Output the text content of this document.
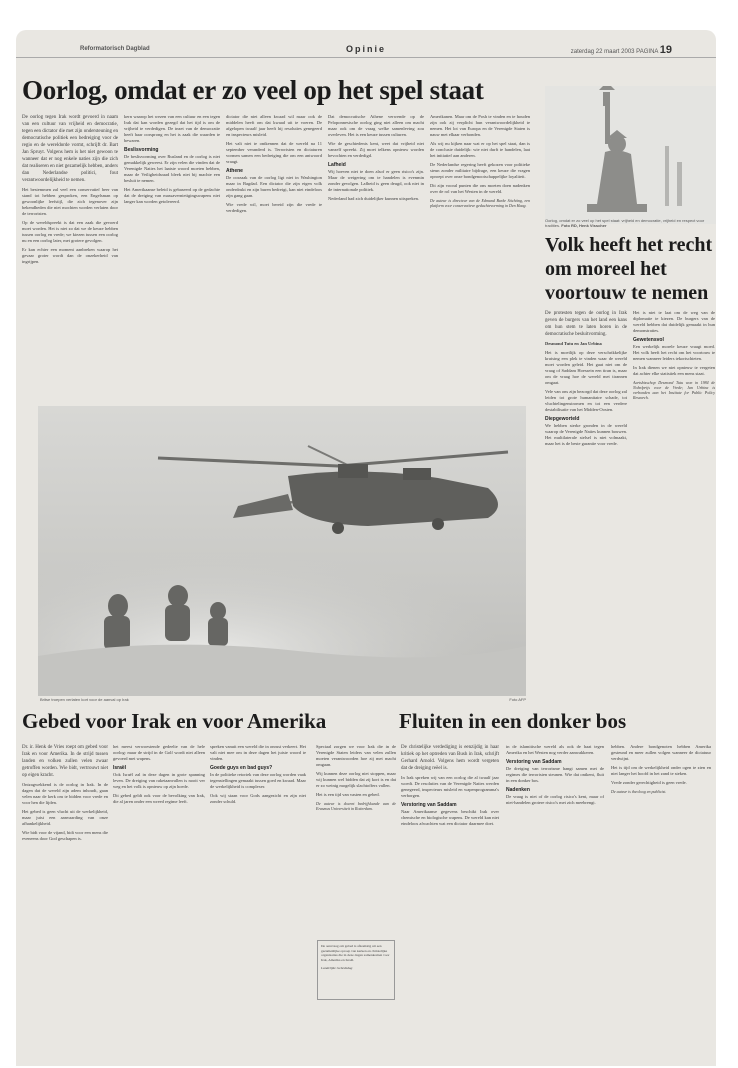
Reformatorisch Dagblad	Opinie	zaterdag 22 maart 2003 PAGINA 19
Oorlog, omdat er zo veel op het spel staat

De oorlog tegen Irak wordt gevoerd in naam van een cultuur van vrijheid en democratie, tegen een dictator die met zijn ondersteuning en democratische politiek een bedreiging voor de regio en de wereldorde vormt, schrijft dr. Bart Jan Spruyt. Volgens hem is het niet gewoon te wanneer dat er nog enkele naties zijn die zich dat realiseren en niet gezamelijk hebben, anders dan Nederlandse politici, fout verantwoordelijkheid te nemen.

Het bestemmen zal veel een conservatief heer van stand tot hebben gesproken, een Engelsman op gewoonlijke leefstijl, die zich tegenover zijn bekendheden die niet mochten worden verlaten door de terroristen.

Op de wereldspreekt is dat een zaak die gevoerd moet worden. Het is niet zo dat we de keuze hebben tussen oorlog en vrede; we kiezen tussen een oorlog nu en een oorlog later, met grotere gevolgen.

Er kan echter een moment aanbreken waarop het gevaar groter wordt dan de onzekerheid van ingrijpen.

kern waarop het wezen van een cultuur en een tegen Irak dat kan worden gezegd dat het tijd is om de vrijheid te verdedigen. De inzet van de democratie heeft haar oorsprong en het is zaak die waarden te bewaren.

Beslisvorming

De beslisvorming over Rusland en de oorlog is niet gemakkelijk geweest. Er zijn velen die vinden dat de Verenigde Naties het laatste woord moeten hebben, maar de Veiligheidsraad bleek niet bij machte een besluit te nemen.

Het Amerikaanse beleid is gebaseerd op de gedachte dat de dreiging van massavernietigingswapens niet langer kan worden getolereerd.

dictator die niet alleen kwaad wil maar ook de middelen heeft om dat kwaad uit te voeren. De afgelopen twaalf jaar heeft hij resoluties genegeerd en inspecteurs misleid.

Het valt niet te ontkennen dat de wereld na 11 september veranderd is. Terroristen en dictaturen vormen samen een bedreiging die om een antwoord vraagt.

Athene

De oorzaak van de oorlog ligt niet in Washington maar in Bagdad. Een dictator die zijn eigen volk onderdrukt en zijn buren bedreigt, kan niet eindeloos zijn gang gaan.

Wie vrede wil, moet bereid zijn die vrede te verdedigen.

Dat democratische Athene verwende op de Peloponnesische oorlog ging niet alleen om macht maar ook om de vraag welke samenleving zou overleven. Het is een keuze tussen culturen.

Wie de geschiedenis kent, weet dat vrijheid niet vanzelf spreekt. Zij moet telkens opnieuw worden bevochten en verdedigd.

Lafheid

Wij hoeven niet te doen alsof er geen risico's zijn. Maar de weigering om te handelen is evenmin zonder gevolgen. Lafheid is geen deugd, ook niet in de internationale politiek.

Nederland had zich duidelijker kunnen uitspreken.

Amerikanen. Maar om de Posh te vinden en te houden zijn ook zij verplicht hun verantwoordelijkheid te nemen. Het lot van Europa en de Verenigde Staten is nauw met elkaar verbonden.

Als wij nu kijken naar wat er op het spel staat, dan is de conclusie duidelijk: wie niet durft te handelen, laat het initiatief aan anderen.

De Nederlandse regering heeft gekozen voor politieke steun zonder militaire bijdrage, een keuze die vragen oproept over onze bondgenootschappelijke loyaliteit.

Dit zijn vooral punten die ons moeten doen nadenken over de rol van het Westen in de wereld.

De auteur is directeur van de Edmund Burke Stichting, een platform voor conservatieve gedachtevorming in Den Haag.

Britse troepen verlaten kort voor de aanval op Irak	Foto AFP
Oorlog, omdat er zo veel op het spel staat: vrijheid en democratie, vrijheid en respect voor tradities. Foto RD, Henk Visscher
Volk heeft het recht om moreel het voortouw te nemen

De protesten tegen de oorlog in Irak geven de burgers van het land een kans om hun stem te laten horen in de democratische besluitvorming.

Desmond Tutu en Jan Urbina

Het is moeilijk op deze verschrikkelijke kruising een plek te vinden waar de wereld moet worden geleid. Het gaat niet om de vraag of Saddam Hoessein een tiran is, maar om de vraag hoe de wereld met tirannen omgaat.

Vele van ons zijn bezorgd dat deze oorlog zal leiden tot grote humanitaire schade, tot vluchtelingenstromen en tot een verdere destabilisatie van het Midden-Oosten.

Diepgeworteld

We hebben sterke gronden in de wereld waarop de Verenigde Naties kunnen bouwen. Het multilaterale stelsel is niet volmaakt, maar het is de beste garantie voor vrede.

Het is niet te laat om de weg van de diplomatie te kiezen. De burgers van de wereld hebben dat duidelijk gemaakt in hun demonstraties.

Gewetensvol

Een werkelijk morele keuze vraagt moed. Het volk heeft het recht om het voortouw te nemen wanneer leiders tekortschieten.

In Irak dienen we niet opnieuw te vergeten dat achter elke statistiek een mens staat.

Aartsbisschop Desmond Tutu won in 1984 de Nobelprijs voor de Vrede; Jan Urbina is verbonden aan het Institute for Public Policy Research.

Gebed voor Irak en voor Amerika

Dr. ir. Henk de Vries roept om gebed voor Irak en voor Amerika. In de strijd tussen landen en volken zullen velen zwaar getroffen worden. Wie bidt, vertrouwt niet op eigen kracht.

Ontzagwekkend is de oorlog in Irak. In de dagen dat de wereld zijn adem inhoudt, gaan velen naar de kerk om te bidden voor vrede en voor hen die lijden.

Het gebed is geen vlucht uit de werkelijkheid, maar juist een aanvaarding van onze afhankelijkheid.

Wie bidt voor de vijand, bidt voor een mens die eveneens door God geschapen is.

het meest verwoestende gedeelte van de hele oorlog: maar de strijd in de Golf wordt niet alleen gevoerd met wapens.

Israël

Ook Israël zal in deze dagen in grote spanning leven. De dreiging van raketaanvallen is nooit ver weg en het volk is opnieuw op zijn hoede.

Dit gebed geldt ook voor de bevolking van Irak, die al jaren onder een wreed regime leeft.

spreken vanuit een wereld die in onrust verkeert. Het valt niet mee om in deze dagen het juiste woord te vinden.

Goede guys en bad guys?

In de politieke retoriek van deze oorlog worden vaak tegenstellingen gemaakt tussen goed en kwaad. Maar de werkelijkheid is complexer.

Ook wij staan voor Gods aangezicht en zijn niet zonder schuld.

Speciaal zorgen we voor Irak die in de Verenigde Staten leiders van velen zullen moeten verantwoorden hoe zij met macht omgaan.

Wij kunnen deze oorlog niet stoppen, maar wij kunnen wel bidden dat zij kort is en dat er zo weinig mogelijk slachtoffers vallen.

Het is een tijd van vasten en gebed.

De auteur is docent bedrijfskunde aan de Erasmus Universiteit in Rotterdam.

De aanvraag om gebed is afkomstig uit een gezamenlijke oproep van kerken en christelijke organisaties die in deze dagen samenkomen voor Irak, Amerika en Israël.
Landelijke Gebedsdag
Fluiten in een donker bos

De christelijke verdediging is eenzijdig in haar kritiek op het optreden van Bush in Irak, schrijft Gerhard Arnold. Volgens hem wordt vergeten dat de dreiging reëel is.

In Irak spreken wij van een oorlog die al twaalf jaar woedt. De resoluties van de Verenigde Naties werden genegeerd, inspecteurs misleid en wapenprogramma's verborgen.

Verstoring van Saddam

Naar Amerikaanse gegevens beschikt Irak over chemische en biologische wapens. De wereld kan niet eindeloos afwachten wat een dictator daarmee doet.

in de islamitische wereld als ook de haat tegen Amerika en het Westen nog verder aanwakkeren.

Verstoring van Saddam

De dreiging van terrorisme hangt samen met de regimes die terroristen steunen. Wie dat ontkent, fluit in een donker bos.

Nadenken

De vraag is niet of de oorlog risico's kent, maar of niet-handelen grotere risico's met zich meebrengt.

hebben. Andere bondgenoten hebben Amerika gesteund en meer zullen volgen wanneer de dictatuur verdwijnt.

Het is tijd om de werkelijkheid onder ogen te zien en niet langer het hoofd in het zand te steken.

Vrede zonder gerechtigheid is geen vrede.

De auteur is theoloog en publicist.
